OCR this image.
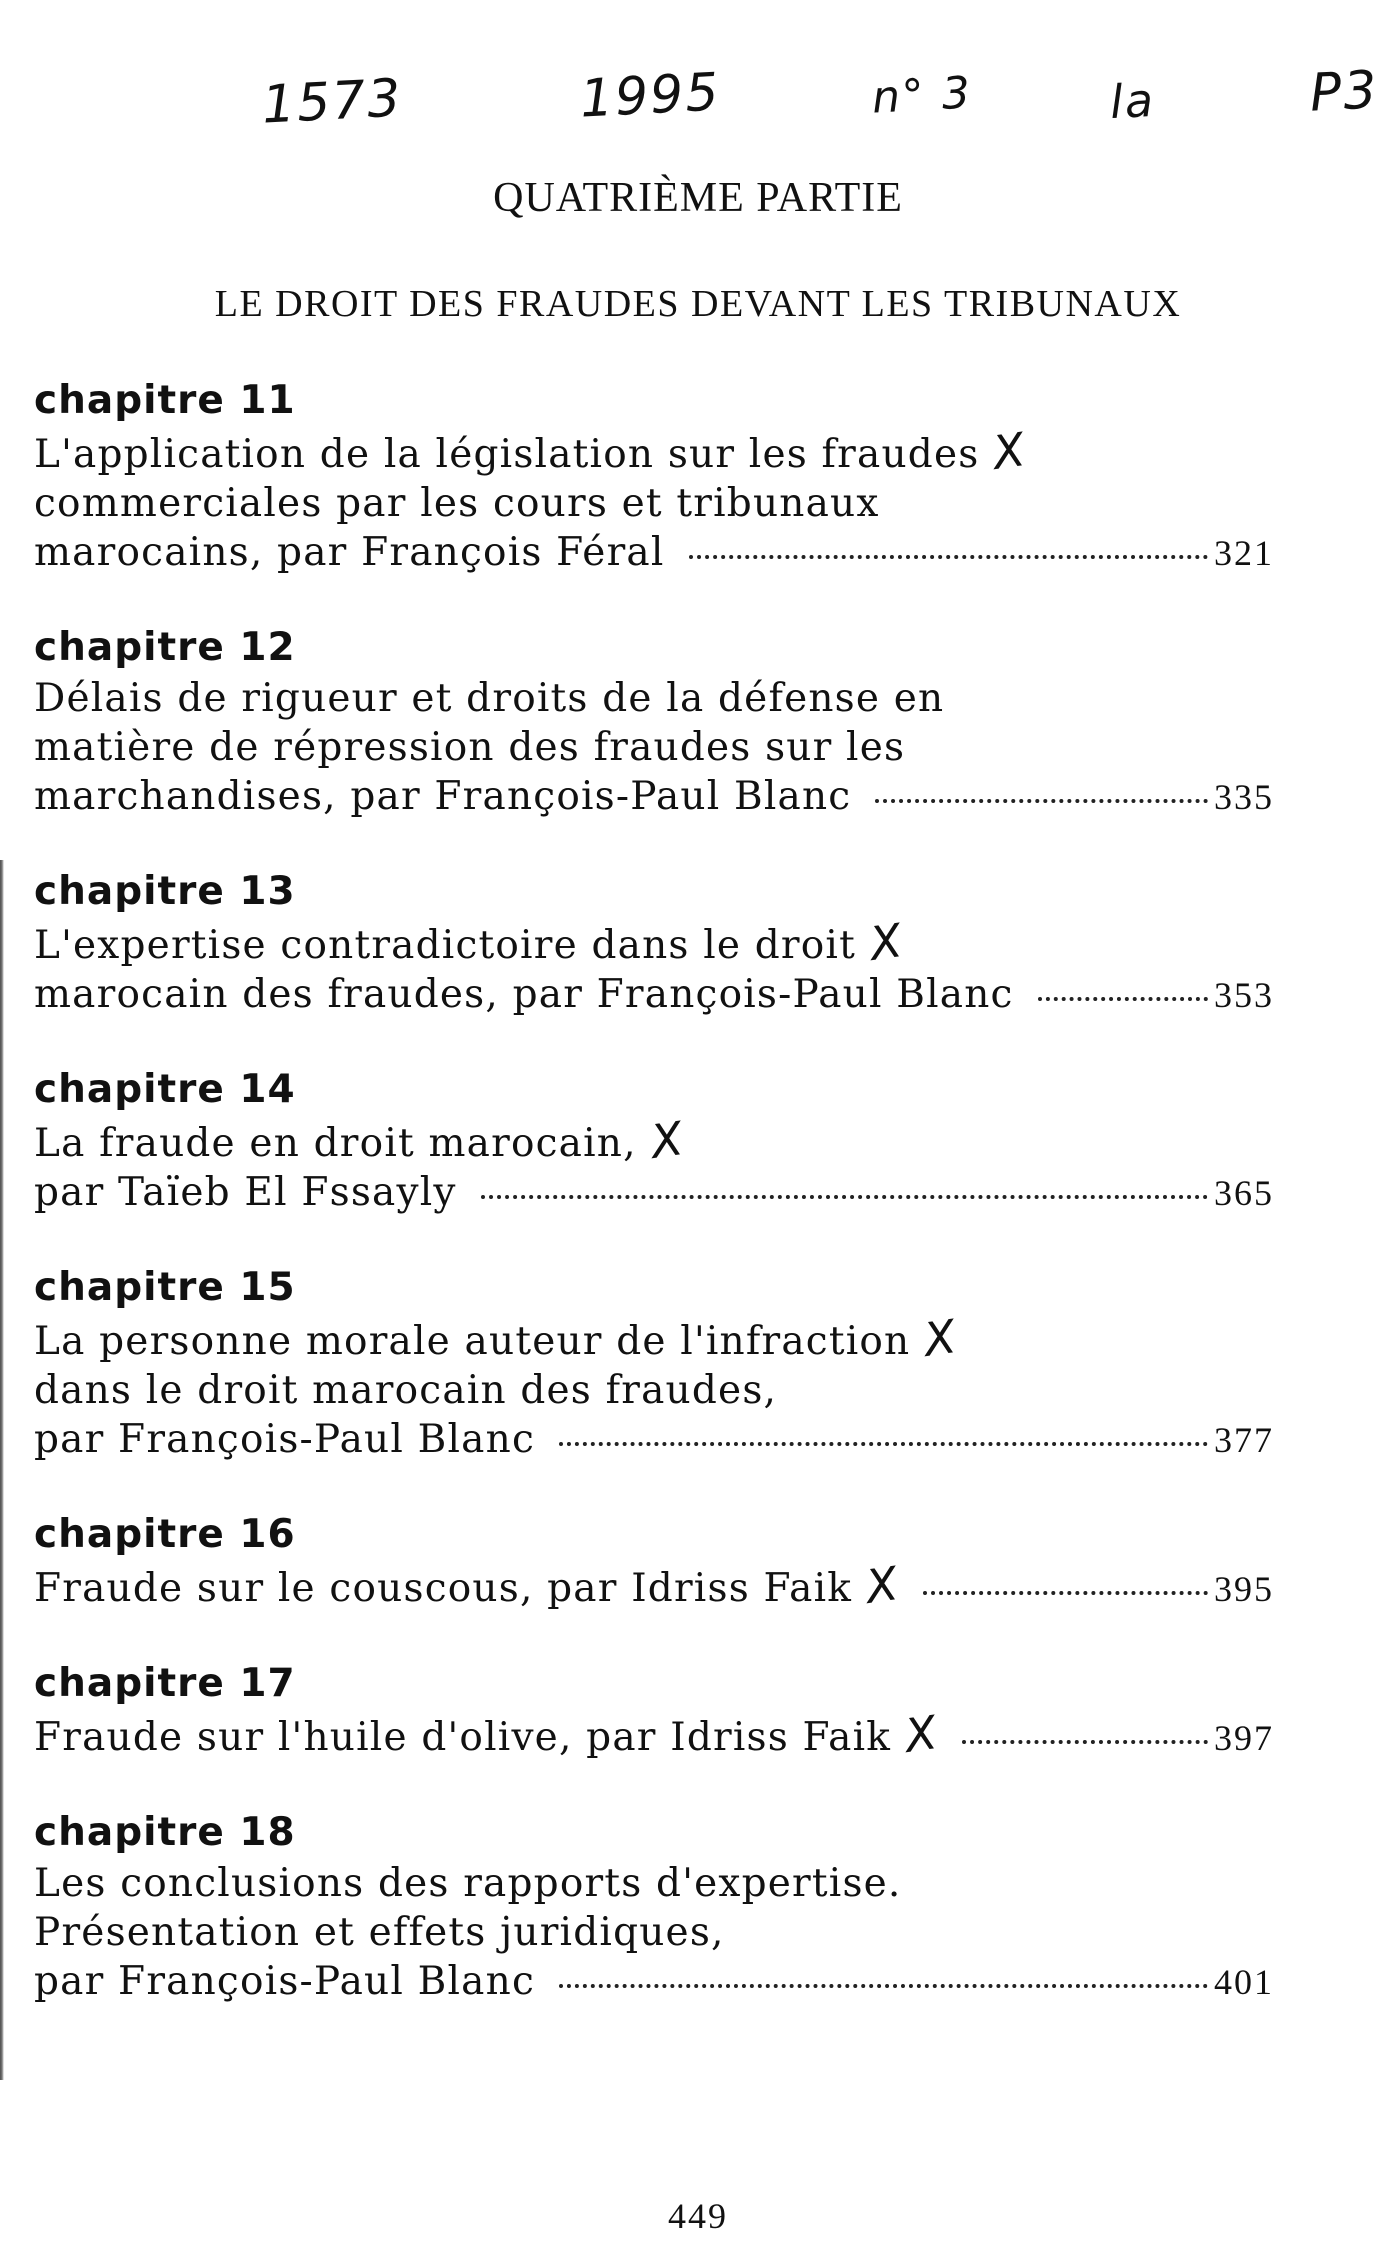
1573	1995	n° 3	la	P3
QUATRIÈME PARTIE
LE DROIT DES FRAUDES DEVANT LES TRIBUNAUX
chapitre 11
L'application de la législation sur les fraudes X
commerciales par les cours et tribunaux
marocains, par François Féral	321
chapitre 12
Délais de rigueur et droits de la défense en
matière de répression des fraudes sur les
marchandises, par François-Paul Blanc	335
chapitre 13
L'expertise contradictoire dans le droit X
marocain des fraudes, par François-Paul Blanc	353
chapitre 14
La fraude en droit marocain, X
par Taïeb El Fssayly	365
chapitre 15
La personne morale auteur de l'infraction X
dans le droit marocain des fraudes,
par François-Paul Blanc	377
chapitre 16
Fraude sur le couscous, par Idriss Faik X	395
chapitre 17
Fraude sur l'huile d'olive, par Idriss Faik X	397
chapitre 18
Les conclusions des rapports d'expertise.
Présentation et effets juridiques,
par François-Paul Blanc	401
449
